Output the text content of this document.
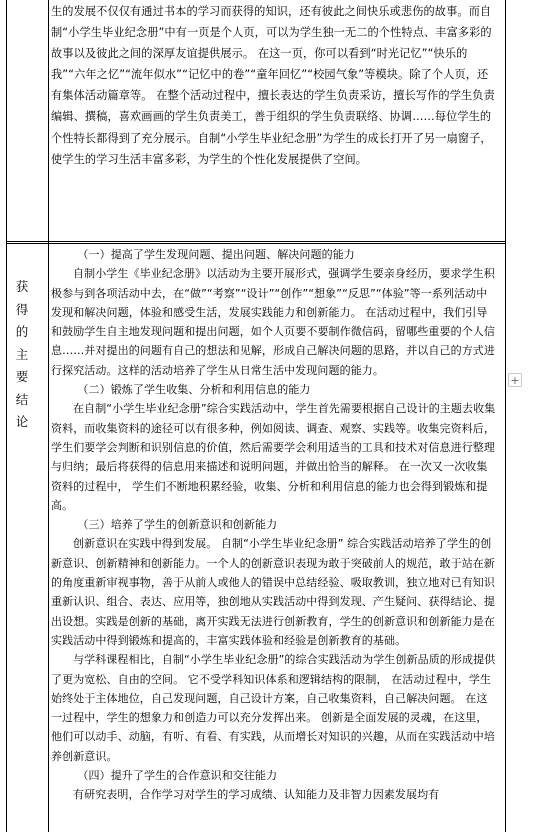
生的发展不仅仅有通过书本的学习而获得的知识，还有彼此之间快乐或悲伤的故事。而自制“小学生毕业纪念册”中有一页是个人页，可以为学生独一无二的个性特点、丰富多彩的故事以及彼此之间的深厚友谊提供展示。 在这一页，你可以看到“时光记忆”“快乐的我”“六年之忆”“流年似水”“记忆中的卷”“童年回忆”“校园气象”等模块。除了个人页，还有集体活动篇章等。 在整个活动过程中，擅长表达的学生负责采访，擅长写作的学生负责编辑、撰稿，喜欢画画的学生负责美工，善于组织的学生负责联络、协调……每位学生的个性特长都得到了充分展示。自制“小学生毕业纪念册”为学生的成长打开了另一扇窗子，使学生的学习生活丰富多彩，为学生的个性化发展提供了空间。

获
得
的
主
要
结
论

（一）提高了学生发现问题、提出问题、解决问题的能力

自制小学生《毕业纪念册》以活动为主要开展形式，强调学生要亲身经历，要求学生积极参与到各项活动中去，在“做”“考察”“设计”“创作”“想象”“反思”“体验”等一系列活动中发现和解决问题，体验和感受生活，发展实践能力和创新能力。 在活动过程中，我们引导和鼓励学生自主地发现问题和提出问题，如个人页要不要制作微信码，留哪些重要的个人信息……并对提出的问题有自己的想法和见解，形成自己解决问题的思路，并以自己的方式进行探究活动。这样的活动培养了学生从日常生活中发现问题的能力。

（二）锻炼了学生收集、分析和利用信息的能力

在自制“小学生毕业纪念册”综合实践活动中，学生首先需要根据自己设计的主题去收集资料，而收集资料的途径可以有很多种，例如阅读、调查、观察、实践等。收集完资料后，学生们要学会判断和识别信息的价值，然后需要学会利用适当的工具和技术对信息进行整理与归纳；最后将获得的信息用来描述和说明问题，并做出恰当的解释。 在一次又一次收集资料的过程中， 学生们不断地积累经验，收集、分析和利用信息的能力也会得到锻炼和提高。

（三）培养了学生的创新意识和创新能力

创新意识在实践中得到发展。 自制“小学生毕业纪念册” 综合实践活动培养了学生的创新意识、创新精神和创新能力。一个人的创新意识表现为敢于突破前人的规范，敢于站在新的角度重新审视事物，善于从前人或他人的错误中总结经验、吸取教训，独立地对已有知识重新认识、组合、表达、应用等，独创地从实践活动中得到发现、产生疑问、获得结论、提出设想。实践是创新的基础，离开实践无法进行创新教育，学生的创新意识和创新能力是在实践活动中得到锻炼和提高的，丰富实践体验和经验是创新教育的基础。

与学科课程相比，自制“小学生毕业纪念册”的综合实践活动为学生创新品质的形成提供了更为宽松、自由的空间。 它不受学科知识体系和逻辑结构的限制， 在活动过程中，学生始终处于主体地位，自己发现问题，自己设计方案，自己收集资料，自己解决问题。 在这一过程中，学生的想象力和创造力可以充分发挥出来。 创新是全面发展的灵魂，在这里，他们可以动手、动脑，有听、有看、有实践，从而增长对知识的兴趣，从而在实践活动中培养创新意识。

（四）提升了学生的合作意识和交往能力

有研究表明，合作学习对学生的学习成绩、认知能力及非智力因素发展均有

+
